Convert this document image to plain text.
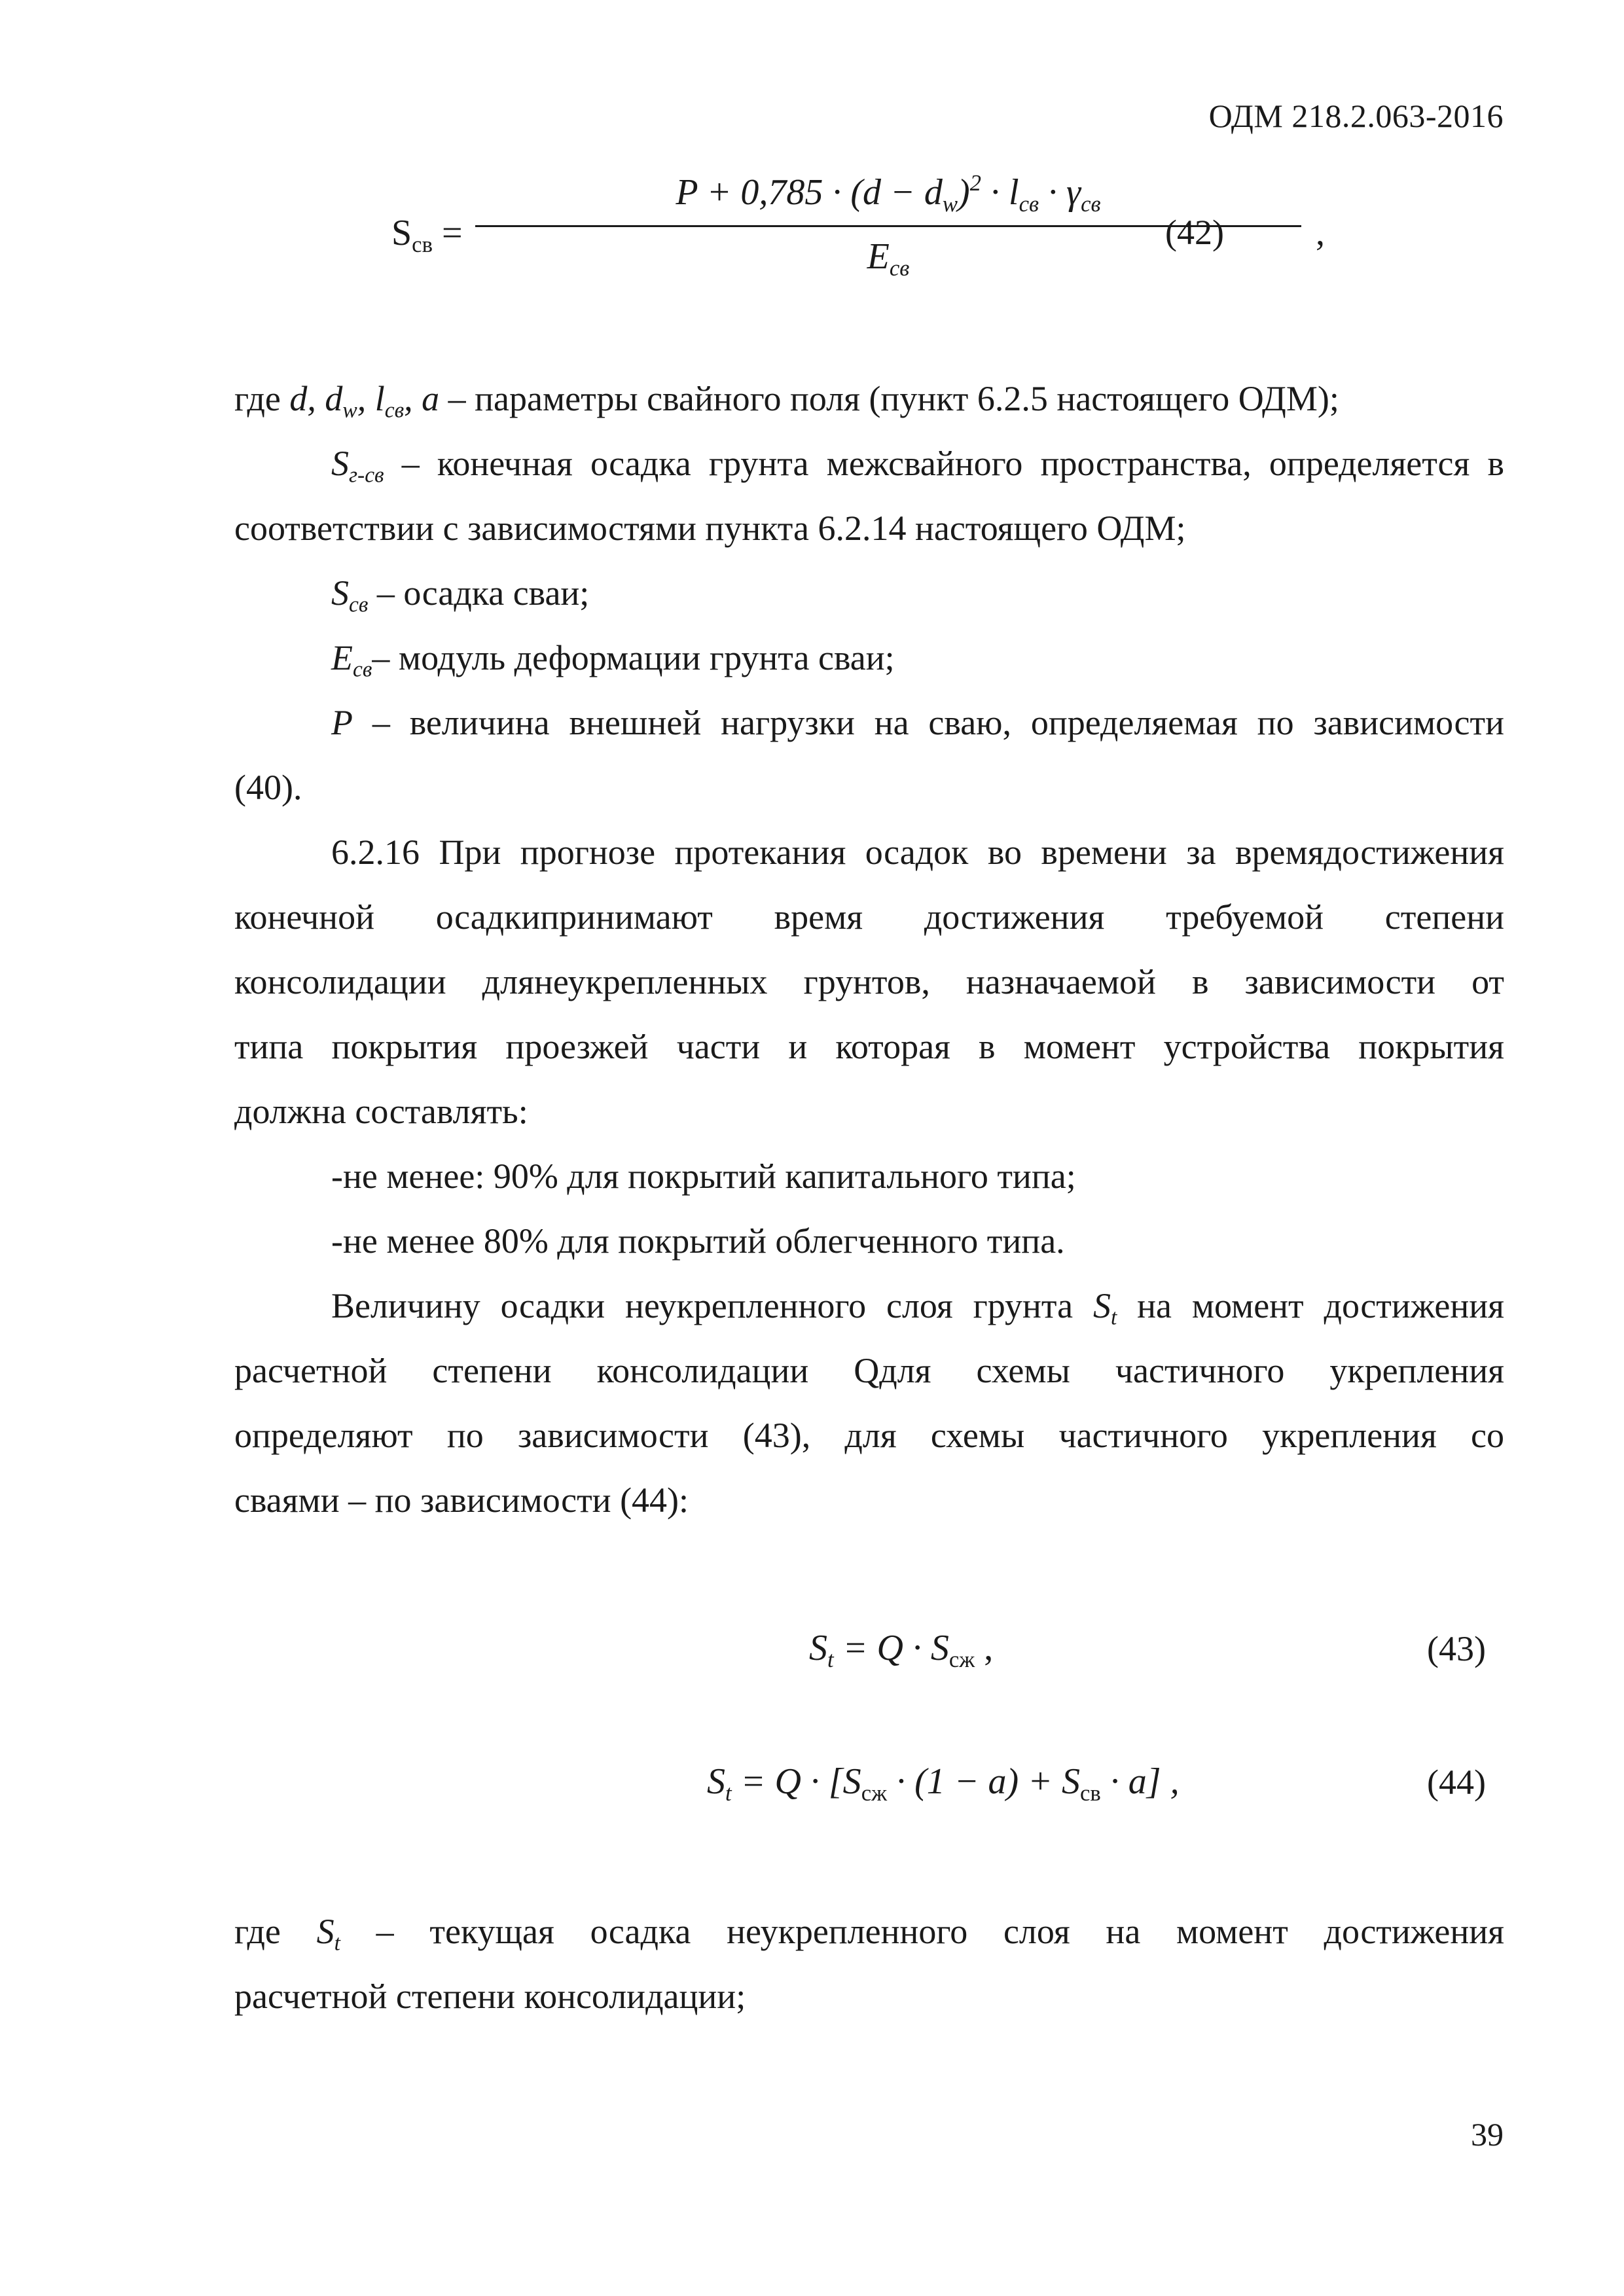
ОДМ 218.2.063-2016
$S_{св}$ =
$P + 0,785 \cdot (d - d_w)^2 \cdot l_{св} \cdot \gamma_{св}$
$E_{св}$
,
(42)
где d, $d_w$, $l_{св}$, a – параметры свайного поля (пункт 6.2.5 настоящего ОДМ);
$S_{г-св}$ – конечная осадка грунта межсвайного пространства, определяется в
соответствии с зависимостями пункта 6.2.14 настоящего ОДМ;
$S_{св}$ – осадка сваи;
$E_{св}-$ модуль деформации грунта сваи;
P – величина внешней нагрузки на сваю, определяемая по зависимости
(40).
6.2.16 При прогнозе протекания осадок во времени за времядостижения
конечной осадкипринимают время достижения требуемой степени
консолидации длянеукрепленных грунтов, назначаемой в зависимости от
типа покрытия проезжей части и которая в момент устройства покрытия
должна составлять:
-не менее: 90% для покрытий капитального типа;
-не менее 80% для покрытий облегченного типа.
Величину осадки неукрепленного слоя грунта $S_t$ на момент достижения
расчетной степени консолидации Qдля схемы частичного укрепления
определяют по зависимости (43), для схемы частичного укрепления со
сваями – по зависимости (44):
$S_t = Q \cdot S_{сж}$ ,	(43)
$S_t = Q \cdot [S_{сж} \cdot (1 - a) + S_{св} \cdot a]$ ,	(44)
где $S_t$ – текущая осадка неукрепленного слоя на момент достижения
расчетной степени консолидации;
39
